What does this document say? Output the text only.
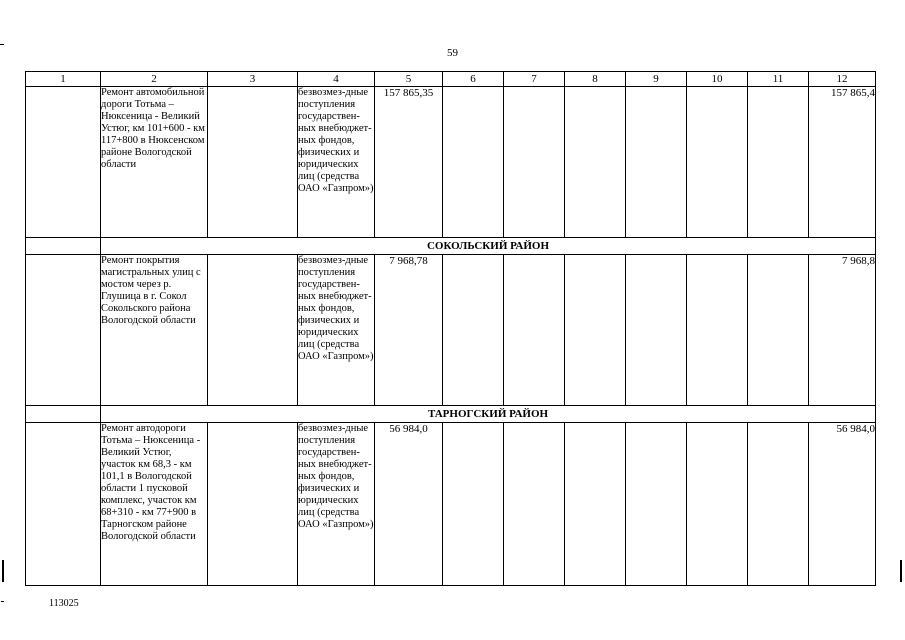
59
1	2	3	4	5	6	7	8	9	10	11	12
	Ремонт автомобильной дороги Тотьма – Нюксеница - Великий Устюг, км 101+600 - км 117+800 в Нюксенском районе Вологодской области		безвозмез-дные поступления государствен-ных внебюджет-ных фондов, физических и юридических лиц (средства ОАО «Газпром»)	157 865,35							157 865,4
	СОКОЛЬСКИЙ РАЙОН										
	Ремонт покрытия магистральных улиц с мостом через р. Глушица в г. Сокол Сокольского района Вологодской области		безвозмез-дные поступления государствен-ных внебюджет-ных фондов, физических и юридических лиц (средства ОАО «Газпром»)	7 968,78							7 968,8
	ТАРНОГСКИЙ РАЙОН										
	Ремонт автодороги Тотьма – Нюксеница - Великий Устюг, участок км 68,3 - км 101,1 в Вологодской области 1 пусковой комплекс, участок км 68+310 - км 77+900 в Тарногском районе Вологодской области		безвозмез-дные поступления государствен-ных внебюджет-ных фондов, физических и юридических лиц (средства ОАО «Газпром»)	56 984,0							56 984,0
113025
